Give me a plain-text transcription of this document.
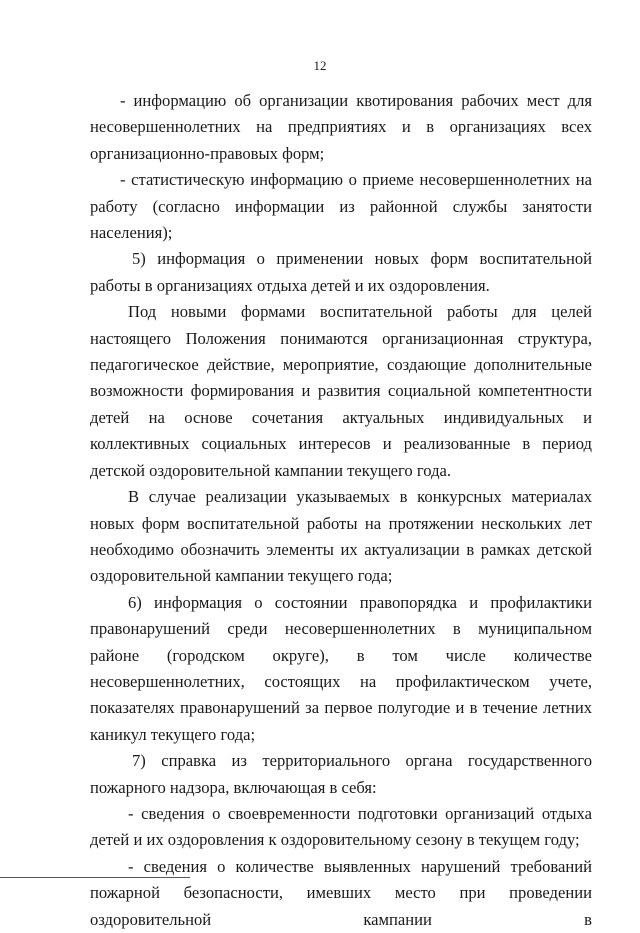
12

- информацию об организации квотирования рабочих мест для несовершеннолетних на предприятиях и в организациях всех организационно-правовых форм;

- статистическую информацию о приеме несовершеннолетних на работу (согласно информации из районной службы занятости населения);

5) информация о применении новых форм воспитательной работы в организациях отдыха детей и их оздоровления.

Под новыми формами воспитательной работы для целей настоящего Положения понимаются организационная структура, педагогическое действие, мероприятие, создающие дополнительные возможности формирования и развития социальной компетентности детей на основе сочетания актуальных индивидуальных и коллективных социальных интересов и реализованные в период детской оздоровительной кампании текущего года.

В случае реализации указываемых в конкурсных материалах новых форм воспитательной работы на протяжении нескольких лет необходимо обозначить элементы их актуализации в рамках детской оздоровительной кампании текущего года;

6) информация о состоянии правопорядка и профилактики правонарушений среди несовершеннолетних в муниципальном районе (городском округе), в том числе количестве несовершеннолетних, состоящих на профилактическом учете, показателях правонарушений за первое полугодие и в течение летних каникул текущего года;

7) справка из территориального органа государственного пожарного надзора, включающая в себя:

- сведения о своевременности подготовки организаций отдыха детей и их оздоровления к оздоровительному сезону в текущем году;

- сведения о количестве выявленных нарушений требований пожарной безопасности, имевших место при проведении оздоровительной кампании в
